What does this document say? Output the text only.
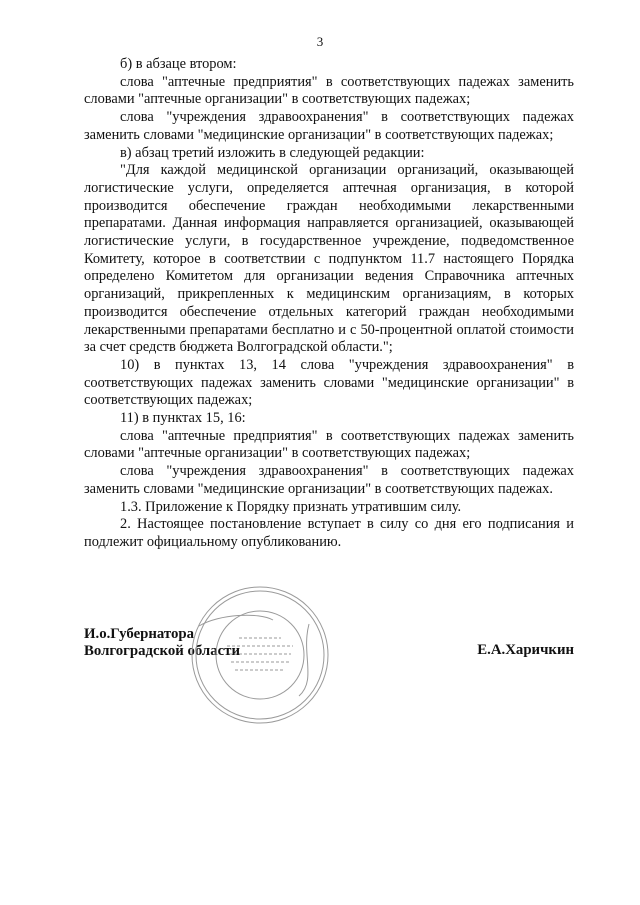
3

б) в абзаце втором:

слова "аптечные предприятия" в соответствующих падежах заменить словами "аптечные организации" в соответствующих падежах;

слова "учреждения здравоохранения" в соответствующих падежах заменить словами "медицинские организации" в соответствующих падежах;

в) абзац третий изложить в следующей редакции:

"Для каждой медицинской организации организаций, оказывающей логистические услуги, определяется аптечная организация, в которой производится обеспечение граждан необходимыми лекарственными препаратами. Данная информация направляется организацией, оказывающей логистические услуги, в государственное учреждение, подведомственное Комитету, которое в соответствии с подпунктом 11.7 настоящего Порядка определено Комитетом для организации ведения Справочника аптечных организаций, прикрепленных к медицинским организациям, в которых производится обеспечение отдельных категорий граждан необходимыми лекарственными препаратами бесплатно и с 50-процентной оплатой стоимости за счет средств бюджета Волгоградской области.";

10) в пунктах 13, 14 слова "учреждения здравоохранения" в соответствующих падежах заменить словами "медицинские организации" в соответствующих падежах;

11) в пунктах 15, 16:

слова "аптечные предприятия" в соответствующих падежах заменить словами "аптечные организации" в соответствующих падежах;

слова "учреждения здравоохранения" в соответствующих падежах заменить словами "медицинские организации" в соответствующих падежах.

1.3. Приложение к Порядку признать утратившим силу.

2. Настоящее постановление вступает в силу со дня его подписания и подлежит официальному опубликованию.

И.о.Губернатора
Волгоградской области	Е.А.Харичкин
